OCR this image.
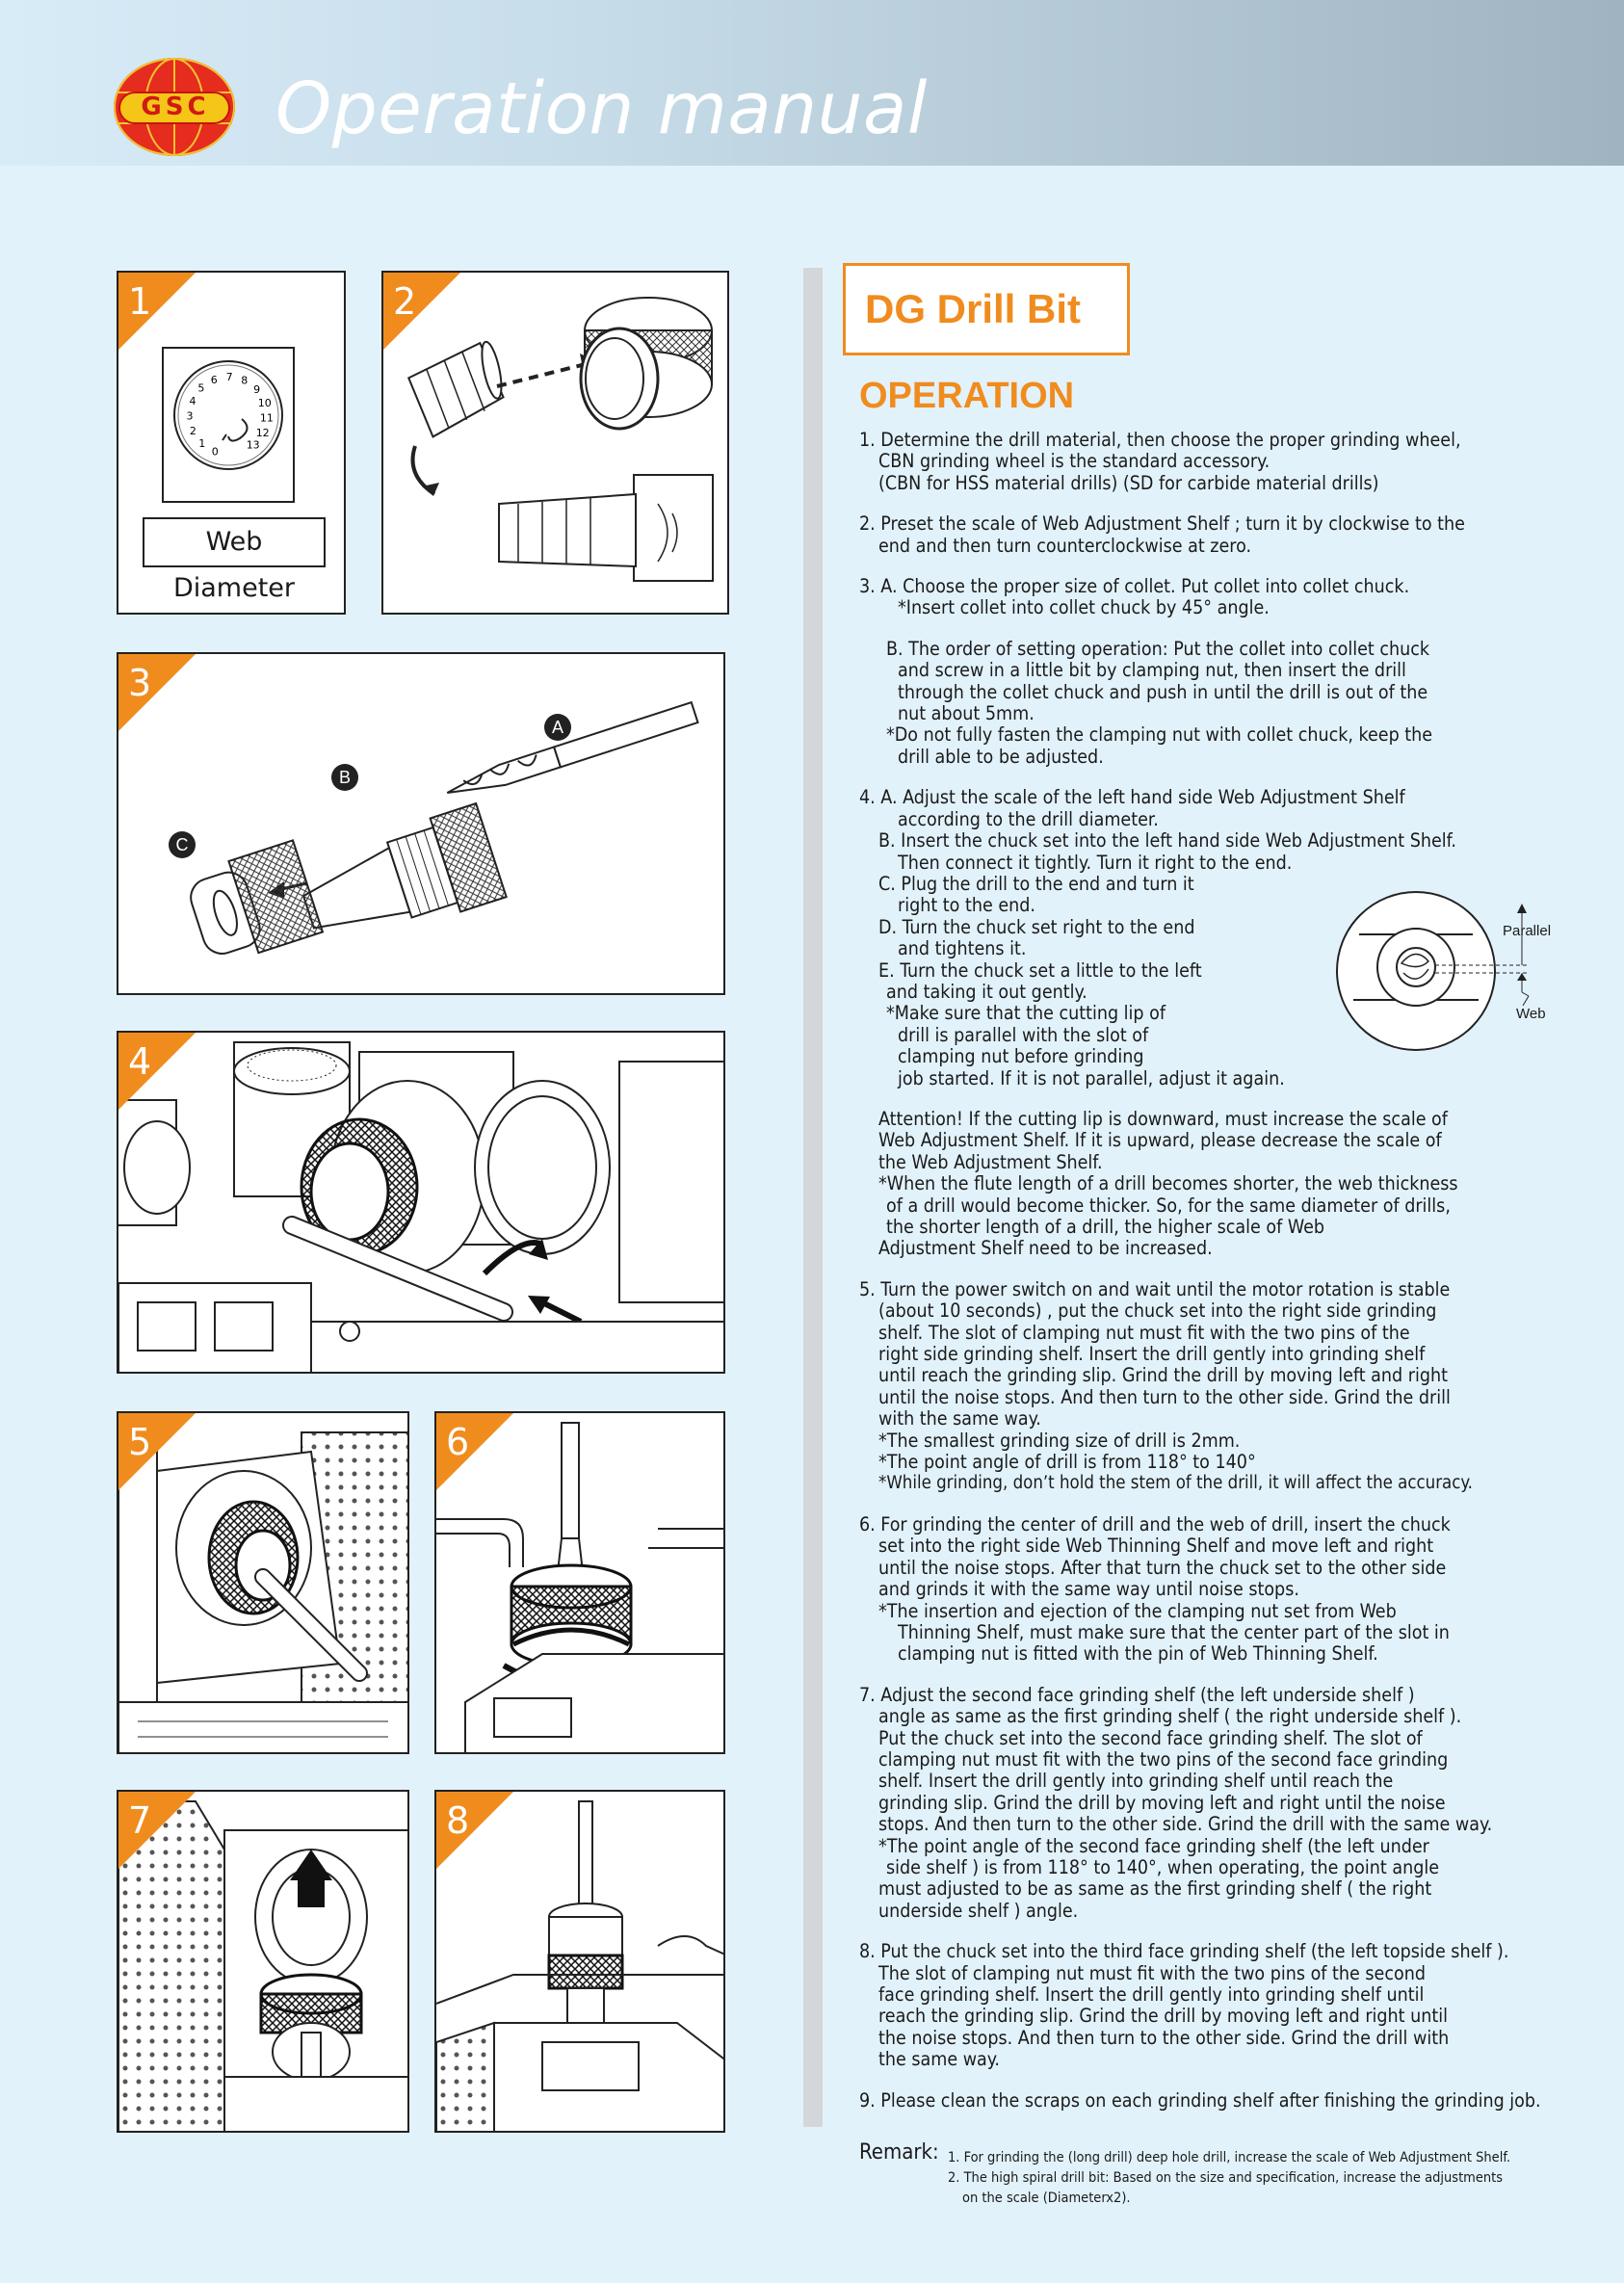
GSC Operation manual
0
1
2
3
4
5
6 7 8
9
10
11
12
13
1
Web Diameter
2
3
A
B
C
4
5	6
7	8
DG Drill Bit
OPERATION

1. Determine the drill material, then choose the proper grinding wheel,

CBN grinding wheel is the standard accessory.

(CBN for HSS material drills) (SD for carbide material drills)

2. Preset the scale of Web Adjustment Shelf ; turn it by clockwise to the

end and then turn counterclockwise at zero.

3. A. Choose the proper size of collet. Put collet into collet chuck.

*Insert collet into collet chuck by 45° angle.

B. The order of setting operation: Put the collet into collet chuck

and screw in a little bit by clamping nut, then insert the drill

through the collet chuck and push in until the drill is out of the

nut about 5mm.

*Do not fully fasten the clamping nut with collet chuck, keep the

drill able to be adjusted.

4. A. Adjust the scale of the left hand side Web Adjustment Shelf

according to the drill diameter.

B. Insert the chuck set into the left hand side Web Adjustment Shelf.

Then connect it tightly. Turn it right to the end.

C. Plug the drill to the end and turn it

right to the end.

D. Turn the chuck set right to the end

and tightens it.

E. Turn the chuck set a little to the left

and taking it out gently.

*Make sure that the cutting lip of

drill is parallel with the slot of

clamping nut before grinding

job started. If it is not parallel, adjust it again.

Attention! If the cutting lip is downward, must increase the scale of

Web Adjustment Shelf. If it is upward, please decrease the scale of

the Web Adjustment Shelf.

*When the flute length of a drill becomes shorter, the web thickness

of a drill would become thicker. So, for the same diameter of drills,

the shorter length of a drill, the higher scale of Web

Adjustment Shelf need to be increased.

5. Turn the power switch on and wait until the motor rotation is stable

(about 10 seconds) , put the chuck set into the right side grinding

shelf. The slot of clamping nut must fit with the two pins of the

right side grinding shelf. Insert the drill gently into grinding shelf

until reach the grinding slip. Grind the drill by moving left and right

until the noise stops. And then turn to the other side. Grind the drill

with the same way.

*The smallest grinding size of drill is 2mm.

*The point angle of drill is from 118° to 140°

*While grinding, don’t hold the stem of the drill, it will affect the accuracy.

6. For grinding the center of drill and the web of drill, insert the chuck

set into the right side Web Thinning Shelf and move left and right

until the noise stops. After that turn the chuck set to the other side

and grinds it with the same way until noise stops.

*The insertion and ejection of the clamping nut set from Web

Thinning Shelf, must make sure that the center part of the slot in

clamping nut is fitted with the pin of Web Thinning Shelf.

7. Adjust the second face grinding shelf (the left underside shelf )

angle as same as the first grinding shelf ( the right underside shelf ).

Put the chuck set into the second face grinding shelf. The slot of

clamping nut must fit with the two pins of the second face grinding

shelf. Insert the drill gently into grinding shelf until reach the

grinding slip. Grind the drill by moving left and right until the noise

stops. And then turn to the other side. Grind the drill with the same way.

*The point angle of the second face grinding shelf (the left under

side shelf ) is from 118° to 140°, when operating, the point angle

must adjusted to be as same as the first grinding shelf ( the right

underside shelf ) angle.

8. Put the chuck set into the third face grinding shelf (the left topside shelf ).

The slot of clamping nut must fit with the two pins of the second

face grinding shelf. Insert the drill gently into grinding shelf until

reach the grinding slip. Grind the drill by moving left and right until

the noise stops. And then turn to the other side. Grind the drill with

the same way.

9. Please clean the scraps on each grinding shelf after finishing the grinding job.

Parallel
Web
Remark: 1. For grinding the (long drill) deep hole drill, increase the scale of Web Adjustment Shelf.
2. The high spiral drill bit: Based on the size and specification, increase the adjustments
on the scale (Diameterx2).
